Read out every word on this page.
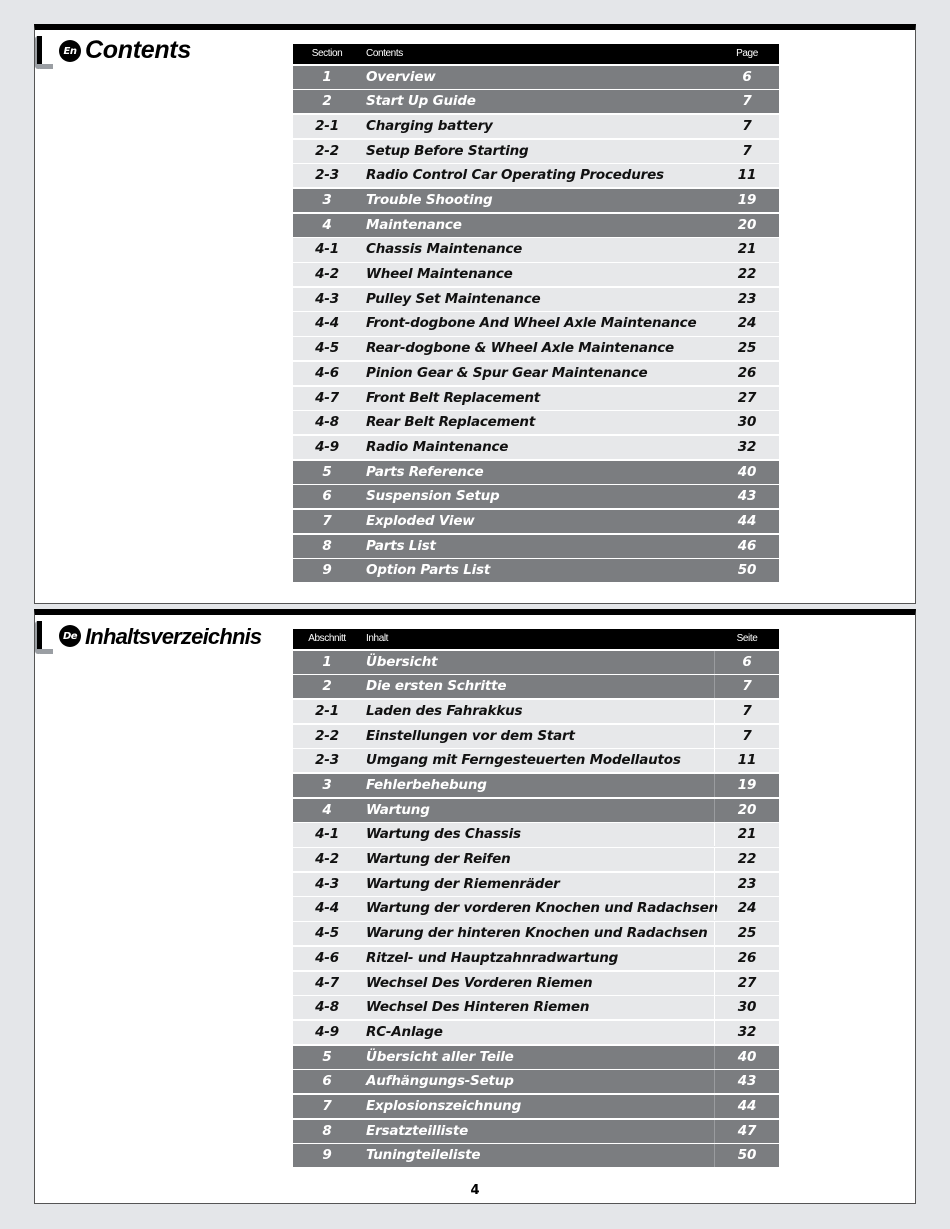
En Contents	Section	Contents	Page
1	Overview	6
2	Start Up Guide	7
2-1	Charging battery	7
2-2	Setup Before Starting	7
2-3	Radio Control Car Operating Procedures	11
3	Trouble Shooting	19
4	Maintenance	20
4-1	Chassis Maintenance	21
4-2	Wheel Maintenance	22
4-3	Pulley Set Maintenance	23
4-4	Front-dogbone And Wheel Axle Maintenance	24
4-5	Rear-dogbone & Wheel Axle Maintenance	25
4-6	Pinion Gear & Spur Gear Maintenance	26
4-7	Front Belt Replacement	27
4-8	Rear Belt Replacement	30
4-9	Radio Maintenance	32
5	Parts Reference	40
6	Suspension Setup	43
7	Exploded View	44
8	Parts List	46
9	Option Parts List	50
De Inhaltsverzeichnis	Abschnitt	Inhalt	Seite
1	Übersicht	6
2	Die ersten Schritte	7
2-1	Laden des Fahrakkus	7
2-2	Einstellungen vor dem Start	7
2-3	Umgang mit Ferngesteuerten Modellautos	11
3	Fehlerbehebung	19
4	Wartung	20
4-1	Wartung des Chassis	21
4-2	Wartung der Reifen	22
4-3	Wartung der Riemenräder	23
4-4	Wartung der vorderen Knochen und Radachsen	24
4-5	Warung der hinteren Knochen und Radachsen	25
4-6	Ritzel- und Hauptzahnradwartung	26
4-7	Wechsel Des Vorderen Riemen	27
4-8	Wechsel Des Hinteren Riemen	30
4-9	RC-Anlage	32
5	Übersicht aller Teile	40
6	Aufhängungs-Setup	43
7	Explosionszeichnung	44
8	Ersatzteilliste	47
9	Tuningteileliste	50
4
